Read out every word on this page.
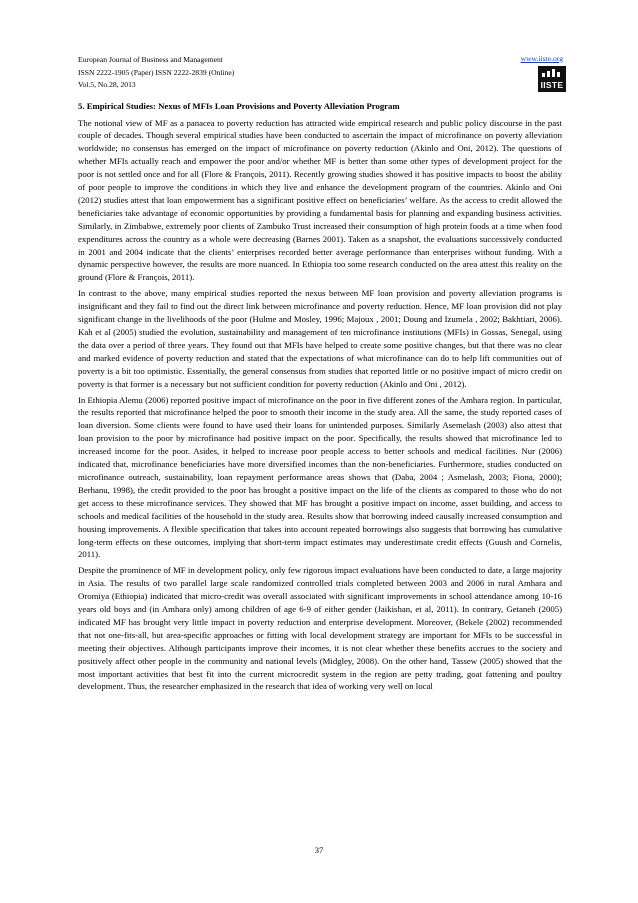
European Journal of Business and Management
ISSN 2222-1905 (Paper) ISSN 2222-2839 (Online)
Vol.5, No.28, 2013
www.iiste.org
IISTE
5. Empirical Studies: Nexus of MFIs Loan Provisions and Poverty Alleviation Program

The notional view of MF as a panacea to poverty reduction has attracted wide empirical research and public policy discourse in the past couple of decades. Though several empirical studies have been conducted to ascertain the impact of microfinance on poverty alleviation worldwide; no consensus has emerged on the impact of microfinance on poverty reduction (Akinlo and Oni, 2012). The questions of whether MFIs actually reach and empower the poor and/or whether MF is better than some other types of development project for the poor is not settled once and for all (Flore & François, 2011). Recently growing studies showed it has positive impacts to boost the ability of poor people to improve the conditions in which they live and enhance the development program of the countries. Akinlo and Oni (2012) studies attest that loan empowerment has a significant positive effect on beneficiaries’ welfare. As the access to credit allowed the beneficiaries take advantage of economic opportunities by providing a fundamental basis for planning and expanding business activities. Similarly, in Zimbabwe, extremely poor clients of Zambuko Trust increased their consumption of high protein foods at a time when food expenditures across the country as a whole were decreasing (Barnes 2001). Taken as a snapshot, the evaluations successively conducted in 2001 and 2004 indicate that the clients’ enterprises recorded better average performance than enterprises without funding. With a dynamic perspective however, the results are more nuanced. In Ethiopia too some research conducted on the area attest this reality on the ground (Flore & François, 2011).

In contrast to the above, many empirical studies reported the nexus between MF loan provision and poverty alleviation programs is insignificant and they fail to find out the direct link between microfinance and poverty reduction. Hence, MF loan provision did not play significant change in the livelihoods of the poor (Hulme and Mosley, 1996; Majoux , 2001; Doung and Izumela , 2002; Bakhtiari, 2006). Kah et al (2005) studied the evolution, sustainability and management of ten microfinance institutions (MFIs) in Gossas, Senegal, using the data over a period of three years. They found out that MFIs have helped to create some positive changes, but that there was no clear and marked evidence of poverty reduction and stated that the expectations of what microfinance can do to help lift communities out of poverty is a bit too optimistic. Essentially, the general consensus from studies that reported little or no positive impact of micro credit on poverty is that former is a necessary but not sufficient condition for poverty reduction (Akinlo and Oni , 2012).

In Ethiopia Alemu (2006) reported positive impact of microfinance on the poor in five different zones of the Amhara region. In particular, the results reported that microfinance helped the poor to smooth their income in the study area. All the same, the study reported cases of loan diversion. Some clients were found to have used their loans for unintended purposes. Similarly Asemelash (2003) also attest that loan provision to the poor by microfinance had positive impact on the poor. Specifically, the results showed that microfinance led to increased income for the poor. Asides, it helped to increase poor people access to better schools and medical facilities. Nur (2006) indicated that, microfinance beneficiaries have more diversified incomes than the non-beneficiaries. Furthermore, studies conducted on microfinance outreach, sustainability, loan repayment performance areas shows that (Daba, 2004 ; Asmelash, 2003; Fiona, 2000); Berhanu, 1998), the credit provided to the poor has brought a positive impact on the life of the clients as compared to those who do not get access to these microfinance services. They showed that MF has brought a positive impact on income, asset building, and access to schools and medical facilities of the household in the study area. Results show that borrowing indeed causally increased consumption and housing improvements. A flexible specification that takes into account repeated borrowings also suggests that borrowing has cumulative long-term effects on these outcomes, implying that short-term impact estimates may underestimate credit effects (Guush and Cornelis, 2011).

Despite the prominence of MF in development policy, only few rigorous impact evaluations have been conducted to date, a large majority in Asia. The results of two parallel large scale randomized controlled trials completed between 2003 and 2006 in rural Amhara and Oromiya (Ethiopia) indicated that micro-credit was overall associated with significant improvements in school attendance among 10-16 years old boys and (in Amhara only) among children of age 6-9 of either gender (Jaikishan, et al, 2011). In contrary, Getaneh (2005) indicated MF has brought very little impact in poverty reduction and enterprise development. Moreover, (Bekele (2002) recommended that not one-fits-all, but area-specific approaches or fitting with local development strategy are important for MFIs to be successful in meeting their objectives. Although participants improve their incomes, it is not clear whether these benefits accrues to the society and positively affect other people in the community and national levels (Midgley, 2008). On the other hand, Tassew (2005) showed that the most important activities that best fit into the current microcredit system in the region are petty trading, goat fattening and poultry development. Thus, the researcher emphasized in the research that idea of working very well on local

37
